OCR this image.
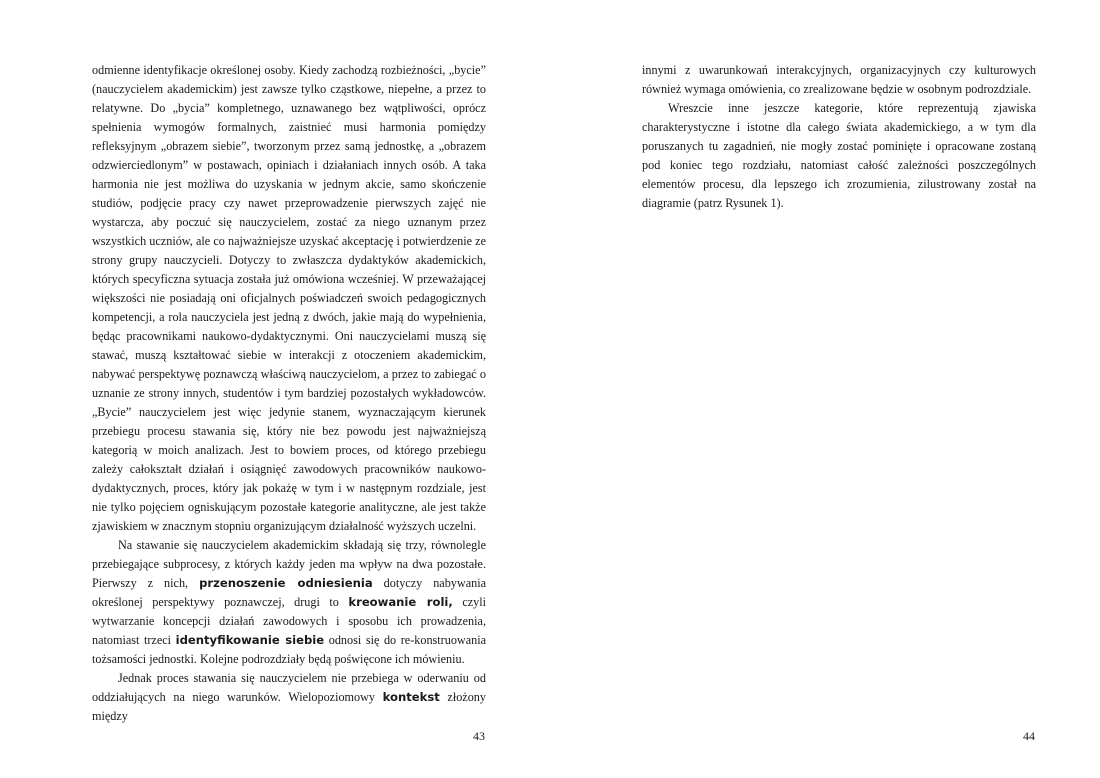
odmienne identyfikacje określonej osoby. Kiedy zachodzą rozbieżności, „bycie” (nauczycielem akademickim) jest zawsze tylko cząstkowe, niepełne, a przez to relatywne. Do „bycia” kompletnego, uznawanego bez wątpliwości, oprócz spełnienia wymogów formalnych, zaistnieć musi harmonia pomiędzy refleksyjnym „obrazem siebie”, tworzonym przez samą jednostkę, a „obrazem odzwierciedlonym” w postawach, opiniach i działaniach innych osób. A taka harmonia nie jest możliwa do uzyskania w jednym akcie, samo skończenie studiów, podjęcie pracy czy nawet przeprowadzenie pierwszych zajęć nie wystarcza, aby poczuć się nauczycielem, zostać za niego uznanym przez wszystkich uczniów, ale co najważniejsze uzyskać akceptację i potwierdzenie ze strony grupy nauczycieli. Dotyczy to zwłaszcza dydaktyków akademickich, których specyficzna sytuacja została już omówiona wcześniej. W przeważającej większości nie posiadają oni oficjalnych poświadczeń swoich pedagogicznych kompetencji, a rola nauczyciela jest jedną z dwóch, jakie mają do wypełnienia, będąc pracownikami naukowo-dydaktycznymi. Oni nauczycielami muszą się stawać, muszą kształtować siebie w interakcji z otoczeniem akademickim, nabywać perspektywę poznawczą właściwą nauczycielom, a przez to zabiegać o uznanie ze strony innych, studentów i tym bardziej pozostałych wykładowców. „Bycie” nauczycielem jest więc jedynie stanem, wyznaczającym kierunek przebiegu procesu stawania się, który nie bez powodu jest najważniejszą kategorią w moich analizach. Jest to bowiem proces, od którego przebiegu zależy całokształt działań i osiągnięć zawodowych pracowników naukowo-dydaktycznych, proces, który jak pokażę w tym i w następnym rozdziale, jest nie tylko pojęciem ogniskującym pozostałe kategorie analityczne, ale jest także zjawiskiem w znacznym stopniu organizującym działalność wyższych uczelni.

Na stawanie się nauczycielem akademickim składają się trzy, równolegle przebiegające subprocesy, z których każdy jeden ma wpływ na dwa pozostałe. Pierwszy z nich, przenoszenie odniesienia dotyczy nabywania określonej perspektywy poznawczej, drugi to kreowanie roli, czyli wytwarzanie koncepcji działań zawodowych i sposobu ich prowadzenia, natomiast trzeci identyfikowanie siebie odnosi się do re-konstruowania tożsamości jednostki. Kolejne podrozdziały będą poświęcone ich mówieniu.

Jednak proces stawania się nauczycielem nie przebiega w oderwaniu od oddziałujących na niego warunków. Wielopoziomowy kontekst złożony między

43

innymi z uwarunkowań interakcyjnych, organizacyjnych czy kulturowych również wymaga omówienia, co zrealizowane będzie w osobnym podrozdziale.

Wreszcie inne jeszcze kategorie, które reprezentują zjawiska charakterystyczne i istotne dla całego świata akademickiego, a w tym dla poruszanych tu zagadnień, nie mogły zostać pominięte i opracowane zostaną pod koniec tego rozdziału, natomiast całość zależności poszczególnych elementów procesu, dla lepszego ich zrozumienia, zilustrowany został na diagramie (patrz Rysunek 1).

44
